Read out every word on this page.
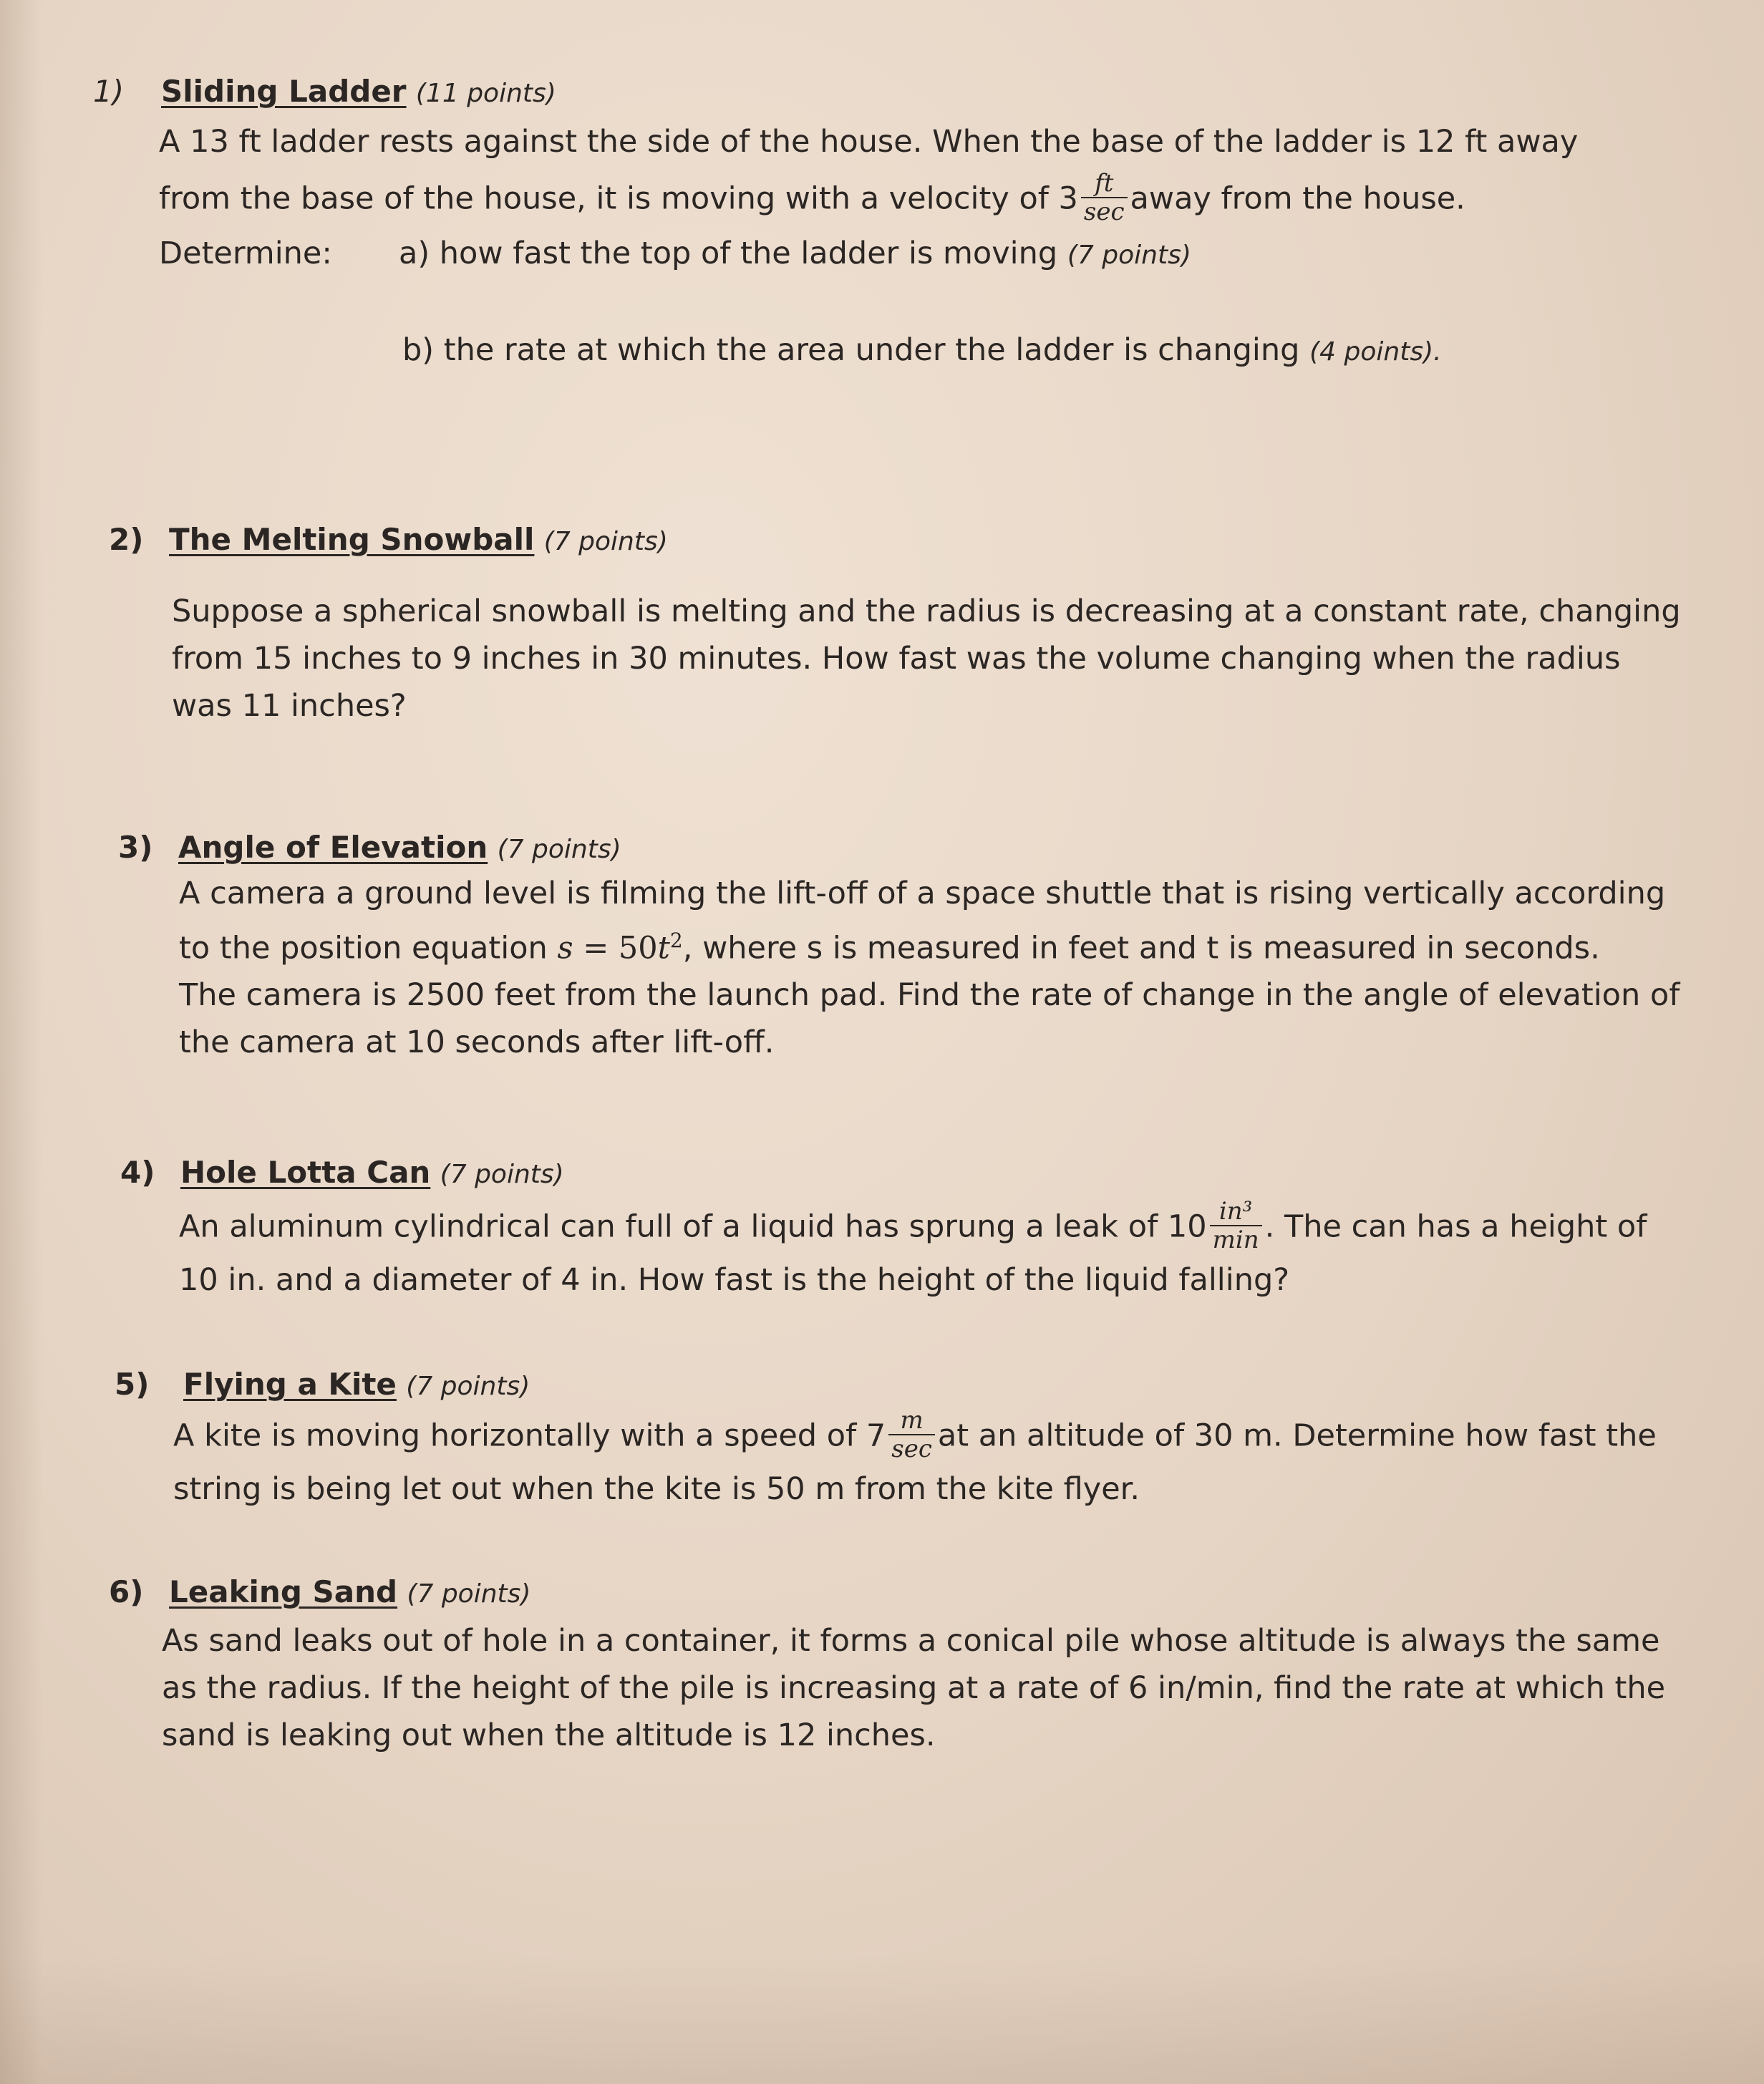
1) Sliding Ladder (11 points)
A 13 ft ladder rests against the side of the house. When the base of the ladder is 12 ft away
from the base of the house, it is moving with a velocity of $3 \frac{ft}{\sec}$ away from the house.
Determine: a) how fast the top of the ladder is moving (7 points)
b) the rate at which the area under the ladder is changing (4 points).
2) The Melting Snowball (7 points)
Suppose a spherical snowball is melting and the radius is decreasing at a constant rate, changing
from 15 inches to 9 inches in 30 minutes. How fast was the volume changing when the radius
was 11 inches?
3) Angle of Elevation (7 points)
A camera a ground level is filming the lift-off of a space shuttle that is rising vertically according
to the position equation $s = 50t^2$, where s is measured in feet and t is measured in seconds.
The camera is 2500 feet from the launch pad. Find the rate of change in the angle of elevation of
the camera at 10 seconds after lift-off.
4) Hole Lotta Can (7 points)
An aluminum cylindrical can full of a liquid has sprung a leak of $10 \frac{\text{in³}}{\min}$ . The can has a height of
10 in. and a diameter of 4 in. How fast is the height of the liquid falling?
5) Flying a Kite (7 points)
A kite is moving horizontally with a speed of $7 \frac{m}{\sec}$ at an altitude of 30 m. Determine how fast the
string is being let out when the kite is 50 m from the kite flyer.
6) Leaking Sand (7 points)
As sand leaks out of hole in a container, it forms a conical pile whose altitude is always the same
as the radius. If the height of the pile is increasing at a rate of 6 in/min, find the rate at which the
sand is leaking out when the altitude is 12 inches.
